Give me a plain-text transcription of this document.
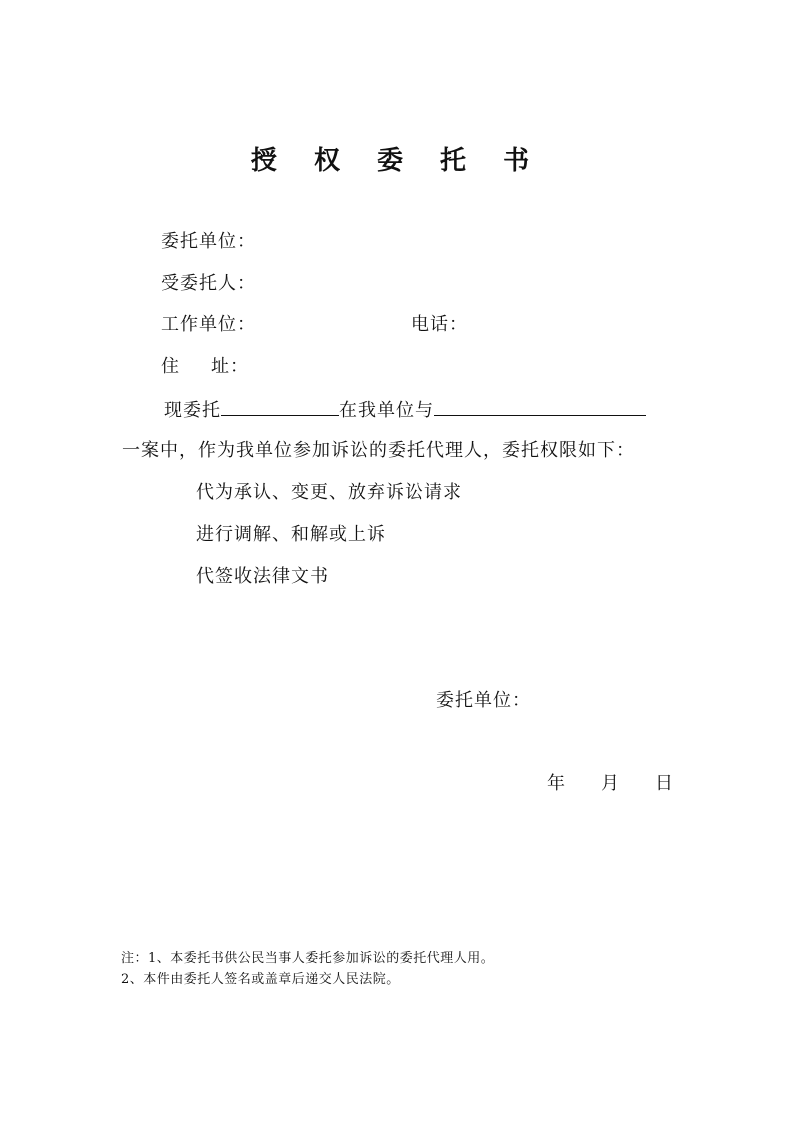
授 权 委 托 书
委托单位：
受委托人：
工作单位：	电话：
住 址：
现委托	在我单位与
一案中，作为我单位参加诉讼的委托代理人，委托权限如下：
代为承认、变更、放弃诉讼请求
进行调解、和解或上诉
代签收法律文书
委托单位：
年 月 日
注：1、本委托书供公民当事人委托参加诉讼的委托代理人用。
2、本件由委托人签名或盖章后递交人民法院。
